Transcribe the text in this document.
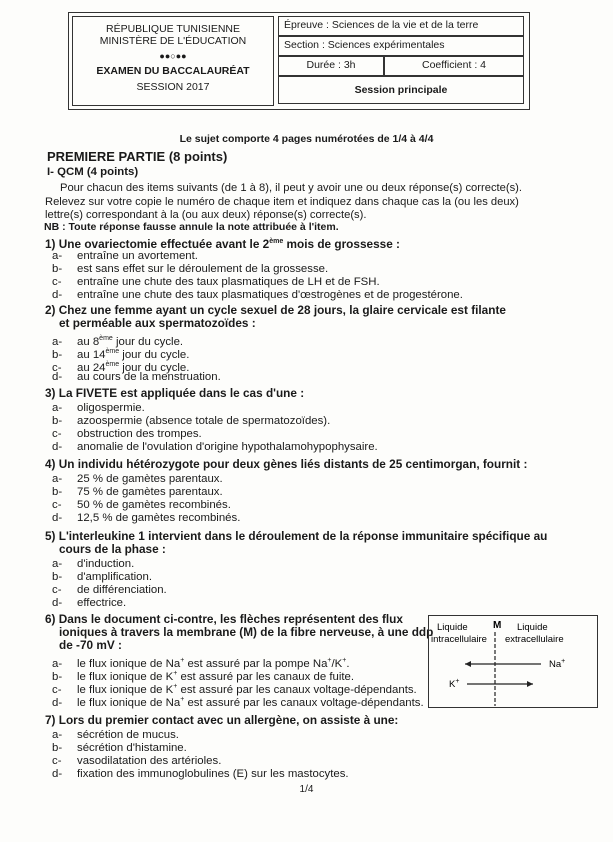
RÉPUBLIQUE TUNISIENNE
MINISTÈRE DE L'ÉDUCATION
●●○●●
EXAMEN DU BACCALAURÉAT
SESSION 2017
Épreuve : Sciences de la vie et de la terre
Section : Sciences expérimentales
Durée : 3h	Coefficient : 4
Session principale
Le sujet comporte 4 pages numérotées de 1/4 à 4/4
PREMIERE PARTIE (8 points)
I- QCM (4 points)
Pour chacun des items suivants (de 1 à 8), il peut y avoir une ou deux réponse(s) correcte(s).
Relevez sur votre copie le numéro de chaque item et indiquez dans chaque cas la (ou les deux)
lettre(s) correspondant à la (ou aux deux) réponse(s) correcte(s).
NB : Toute réponse fausse annule la note attribuée à l'item.
1) Une ovariectomie effectuée avant le 2ème mois de grossesse :
a- entraîne un avortement.
b- est sans effet sur le déroulement de la grossesse.
c- entraîne une chute des taux plasmatiques de LH et de FSH.
d- entraîne une chute des taux plasmatiques d'œstrogènes et de progestérone.
2) Chez une femme ayant un cycle sexuel de 28 jours, la glaire cervicale est filante
et perméable aux spermatozoïdes :
a- au 8ème jour du cycle.
b- au 14ème jour du cycle.
c- au 24ème jour du cycle.
d- au cours de la menstruation.
3) La FIVETE est appliquée dans le cas d'une :
a- oligospermie.
b- azoospermie (absence totale de spermatozoïdes).
c- obstruction des trompes.
d- anomalie de l'ovulation d'origine hypothalamohypophysaire.
4) Un individu hétérozygote pour deux gènes liés distants de 25 centimorgan, fournit :
a- 25 % de gamètes parentaux.
b- 75 % de gamètes parentaux.
c- 50 % de gamètes recombinés.
d- 12,5 % de gamètes recombinés.
5) L'interleukine 1 intervient dans le déroulement de la réponse immunitaire spécifique au
cours de la phase :
a- d'induction.
b- d'amplification.
c- de différenciation.
d- effectrice.
6) Dans le document ci-contre, les flèches représentent des flux
ioniques à travers la membrane (M) de la fibre nerveuse, à une ddp
de -70 mV :
a- le flux ionique de Na+ est assuré par la pompe Na+/K+.
b- le flux ionique de K+ est assuré par les canaux de fuite.
c- le flux ionique de K+ est assuré par les canaux voltage-dépendants.
d- le flux ionique de Na+ est assuré par les canaux voltage-dépendants.
7) Lors du premier contact avec un allergène, on assiste à une:
a- sécrétion de mucus.
b- sécrétion d'histamine.
c- vasodilatation des artérioles.
d- fixation des immunoglobulines (E) sur les mastocytes.
Liquide
intracellulaire
M Liquide
extracellulaire
Na+
K+
1/4
